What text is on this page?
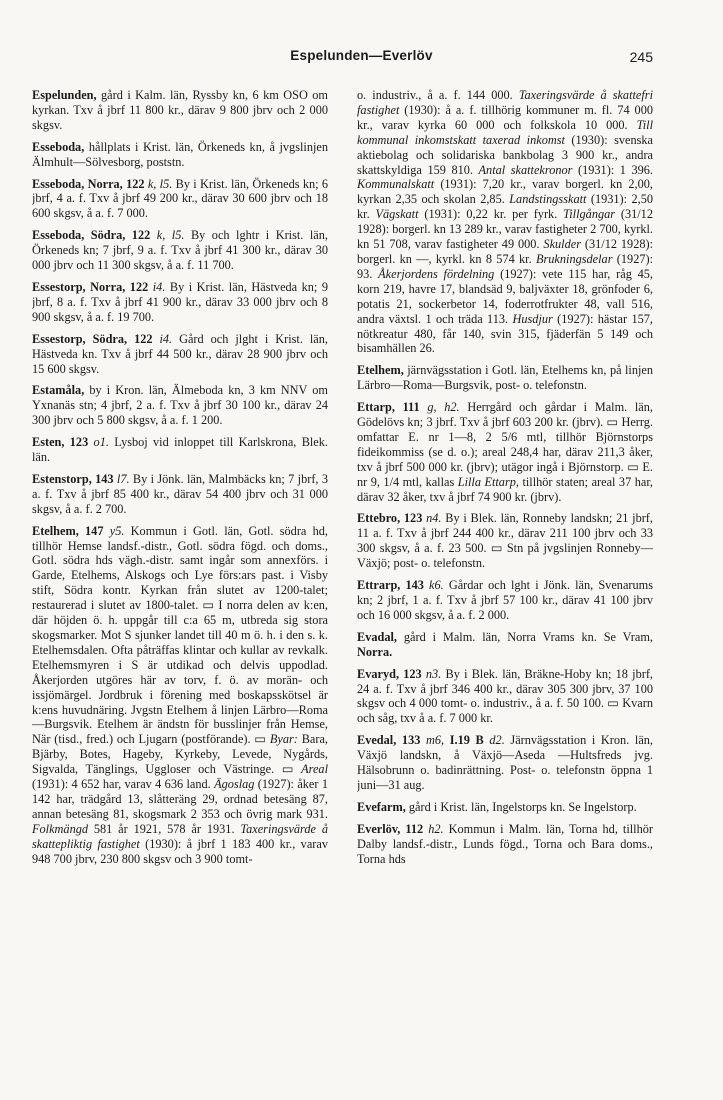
Espelunden—Everlöv	245

Espelunden, gård i Kalm. län, Ryssby kn, 6 km OSO om kyrkan. Txv å jbrf 11 800 kr., därav 9 800 jbrv och 2 000 skgsv.

Esseboda, hållplats i Krist. län, Örkeneds kn, å jvgslinjen Älmhult—Sölvesborg, poststn.

Esseboda, Norra, 122 k, l5. By i Krist. län, Örkeneds kn; 6 jbrf, 4 a. f. Txv å jbrf 49 200 kr., därav 30 600 jbrv och 18 600 skgsv, å a. f. 7 000.

Esseboda, Södra, 122 k, l5. By och lghtr i Krist. län, Örkeneds kn; 7 jbrf, 9 a. f. Txv å jbrf 41 300 kr., därav 30 000 jbrv och 11 300 skgsv, å a. f. 11 700.

Essestorp, Norra, 122 i4. By i Krist. län, Hästveda kn; 9 jbrf, 8 a. f. Txv å jbrf 41 900 kr., därav 33 000 jbrv och 8 900 skgsv, å a. f. 19 700.

Essestorp, Södra, 122 i4. Gård och jlght i Krist. län, Hästveda kn. Txv å jbrf 44 500 kr., därav 28 900 jbrv och 15 600 skgsv.

Estamåla, by i Kron. län, Älmeboda kn, 3 km NNV om Yxnanäs stn; 4 jbrf, 2 a. f. Txv å jbrf 30 100 kr., därav 24 300 jbrv och 5 800 skgsv, å a. f. 1 200.

Esten, 123 o1. Lysboj vid inloppet till Karlskrona, Blek. län.

Estenstorp, 143 l7. By i Jönk. län, Malmbäcks kn; 7 jbrf, 3 a. f. Txv å jbrf 85 400 kr., därav 54 400 jbrv och 31 000 skgsv, å a. f. 2 700.

Etelhem, 147 y5. Kommun i Gotl. län, Gotl. södra hd, tillhör Hemse landsf.-distr., Gotl. södra fögd. och doms., Gotl. södra hds vägh.-distr. samt ingår som annexförs. i Garde, Etelhems, Alskogs och Lye förs:ars past. i Visby stift, Södra kontr. Kyrkan från slutet av 1200-talet; restaurerad i slutet av 1800-talet. ▭ I norra delen av k:en, där höjden ö. h. uppgår till c:a 65 m, utbreda sig stora skogsmarker. Mot S sjunker landet till 40 m ö. h. i den s. k. Etelhemsdalen. Ofta påträffas klintar och kullar av revkalk. Etelhemsmyren i S är utdikad och delvis uppodlad. Åkerjorden utgöres här av torv, f. ö. av morän- och issjömärgel. Jordbruk i förening med boskapsskötsel är k:ens huvudnäring. Jvgstn Etelhem å linjen Lärbro—Roma—Burgsvik. Etelhem är ändstn för busslinjer från Hemse, När (tisd., fred.) och Ljugarn (postförande). ▭ Byar: Bara, Bjärby, Botes, Hageby, Kyrkeby, Levede, Nygårds, Sigvalda, Tänglings, Uggloser och Västringe. ▭ Areal (1931): 4 652 har, varav 4 636 land. Ägoslag (1927): åker 1 142 har, trädgård 13, slåtteräng 29, ordnad betesäng 87, annan betesäng 81, skogsmark 2 353 och övrig mark 931. Folkmängd 581 år 1921, 578 år 1931. Taxeringsvärde å skattepliktig fastighet (1930): å jbrf 1 183 400 kr., varav 948 700 jbrv, 230 800 skgsv och 3 900 tomt-

o. industriv., å a. f. 144 000. Taxeringsvärde å skattefri fastighet (1930): å a. f. tillhörig kommuner m. fl. 74 000 kr., varav kyrka 60 000 och folkskola 10 000. Till kommunal inkomstskatt taxerad inkomst (1930): svenska aktiebolag och solidariska bankbolag 3 900 kr., andra skattskyldiga 159 810. Antal skattekronor (1931): 1 396. Kommunalskatt (1931): 7,20 kr., varav borgerl. kn 2,00, kyrkan 2,35 och skolan 2,85. Landstingsskatt (1931): 2,50 kr. Vägskatt (1931): 0,22 kr. per fyrk. Tillgångar (31/12 1928): borgerl. kn 13 289 kr., varav fastigheter 2 700, kyrkl. kn 51 708, varav fastigheter 49 000. Skulder (31/12 1928): borgerl. kn —, kyrkl. kn 8 574 kr. Brukningsdelar (1927): 93. Åkerjordens fördelning (1927): vete 115 har, råg 45, korn 219, havre 17, blandsäd 9, baljväxter 18, grönfoder 6, potatis 21, sockerbetor 14, foderrotfrukter 48, vall 516, andra växtsl. 1 och träda 113. Husdjur (1927): hästar 157, nötkreatur 480, får 140, svin 315, fjäderfän 5 149 och bisamhällen 26.

Etelhem, järnvägsstation i Gotl. län, Etelhems kn, på linjen Lärbro—Roma—Burgsvik, post- o. telefonstn.

Ettarp, 111 g, h2. Herrgård och gårdar i Malm. län, Gödelövs kn; 3 jbrf. Txv å jbrf 603 200 kr. (jbrv). ▭ Herrg. omfattar E. nr 1—8, 2 5/6 mtl, tillhör Björnstorps fideikommiss (se d. o.); areal 248,4 har, därav 211,3 åker, txv å jbrf 500 000 kr. (jbrv); utägor ingå i Björnstorp. ▭ E. nr 9, 1/4 mtl, kallas Lilla Ettarp, tillhör staten; areal 37 har, därav 32 åker, txv å jbrf 74 900 kr. (jbrv).

Ettebro, 123 n4. By i Blek. län, Ronneby landskn; 21 jbrf, 11 a. f. Txv å jbrf 244 400 kr., därav 211 100 jbrv och 33 300 skgsv, å a. f. 23 500. ▭ Stn på jvgslinjen Ronneby—Växjö; post- o. telefonstn.

Ettrarp, 143 k6. Gårdar och lght i Jönk. län, Svenarums kn; 2 jbrf, 1 a. f. Txv å jbrf 57 100 kr., därav 41 100 jbrv och 16 000 skgsv, å a. f. 2 000.

Evadal, gård i Malm. län, Norra Vrams kn. Se Vram, Norra.

Evaryd, 123 n3. By i Blek. län, Bräkne-Hoby kn; 18 jbrf, 24 a. f. Txv å jbrf 346 400 kr., därav 305 300 jbrv, 37 100 skgsv och 4 000 tomt- o. industriv., å a. f. 50 100. ▭ Kvarn och såg, txv å a. f. 7 000 kr.

Evedal, 133 m6, I.19 B d2. Järnvägsstation i Kron. län, Växjö landskn, å Växjö—Aseda —Hultsfreds jvg. Hälsobrunn o. badinrättning. Post- o. telefonstn öppna 1 juni—31 aug.

Evefarm, gård i Krist. län, Ingelstorps kn. Se Ingelstorp.

Everlöv, 112 h2. Kommun i Malm. län, Torna hd, tillhör Dalby landsf.-distr., Lunds fögd., Torna och Bara doms., Torna hds
